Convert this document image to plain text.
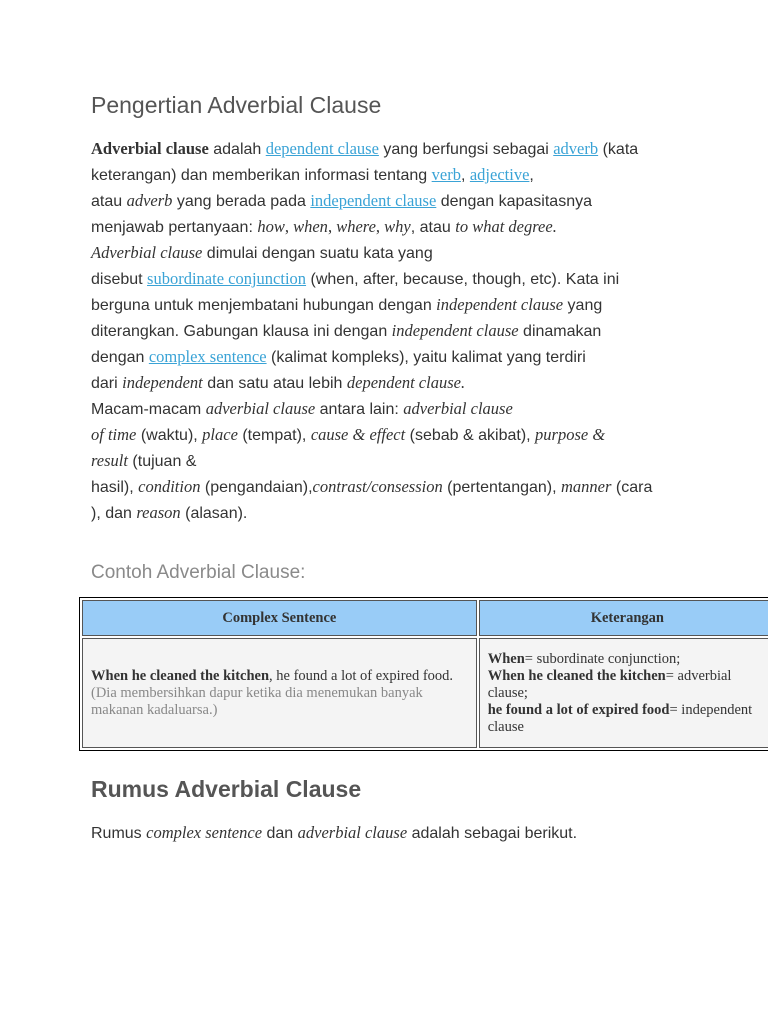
Pengertian Adverbial Clause
Adverbial clause adalah dependent clause yang berfungsi sebagai adverb (kata
keterangan) dan memberikan informasi tentang verb, adjective,
atau adverb yang berada pada independent clause dengan kapasitasnya
menjawab pertanyaan: how, when, where, why, atau to what degree.
Adverbial clause dimulai dengan suatu kata yang
disebut subordinate conjunction (when, after, because, though, etc). Kata ini
berguna untuk menjembatani hubungan dengan independent clause yang
diterangkan. Gabungan klausa ini dengan independent clause dinamakan
dengan complex sentence (kalimat kompleks), yaitu kalimat yang terdiri
dari independent dan satu atau lebih dependent clause.
Macam-macam adverbial clause antara lain: adverbial clause
of time (waktu), place (tempat), cause & effect (sebab & akibat), purpose &
result (tujuan &
hasil), condition (pengandaian),contrast/consession (pertentangan), manner (cara
), dan reason (alasan).
Contoh Adverbial Clause:
Complex Sentence	Keterangan
When he cleaned the kitchen, he found a lot of expired food.
(Dia membersihkan dapur ketika dia menemukan banyak makanan kadaluarsa.)	When= subordinate conjunction;
When he cleaned the kitchen= adverbial clause;
he found a lot of expired food= independent clause
Rumus Adverbial Clause
Rumus complex sentence dan adverbial clause adalah sebagai berikut.
